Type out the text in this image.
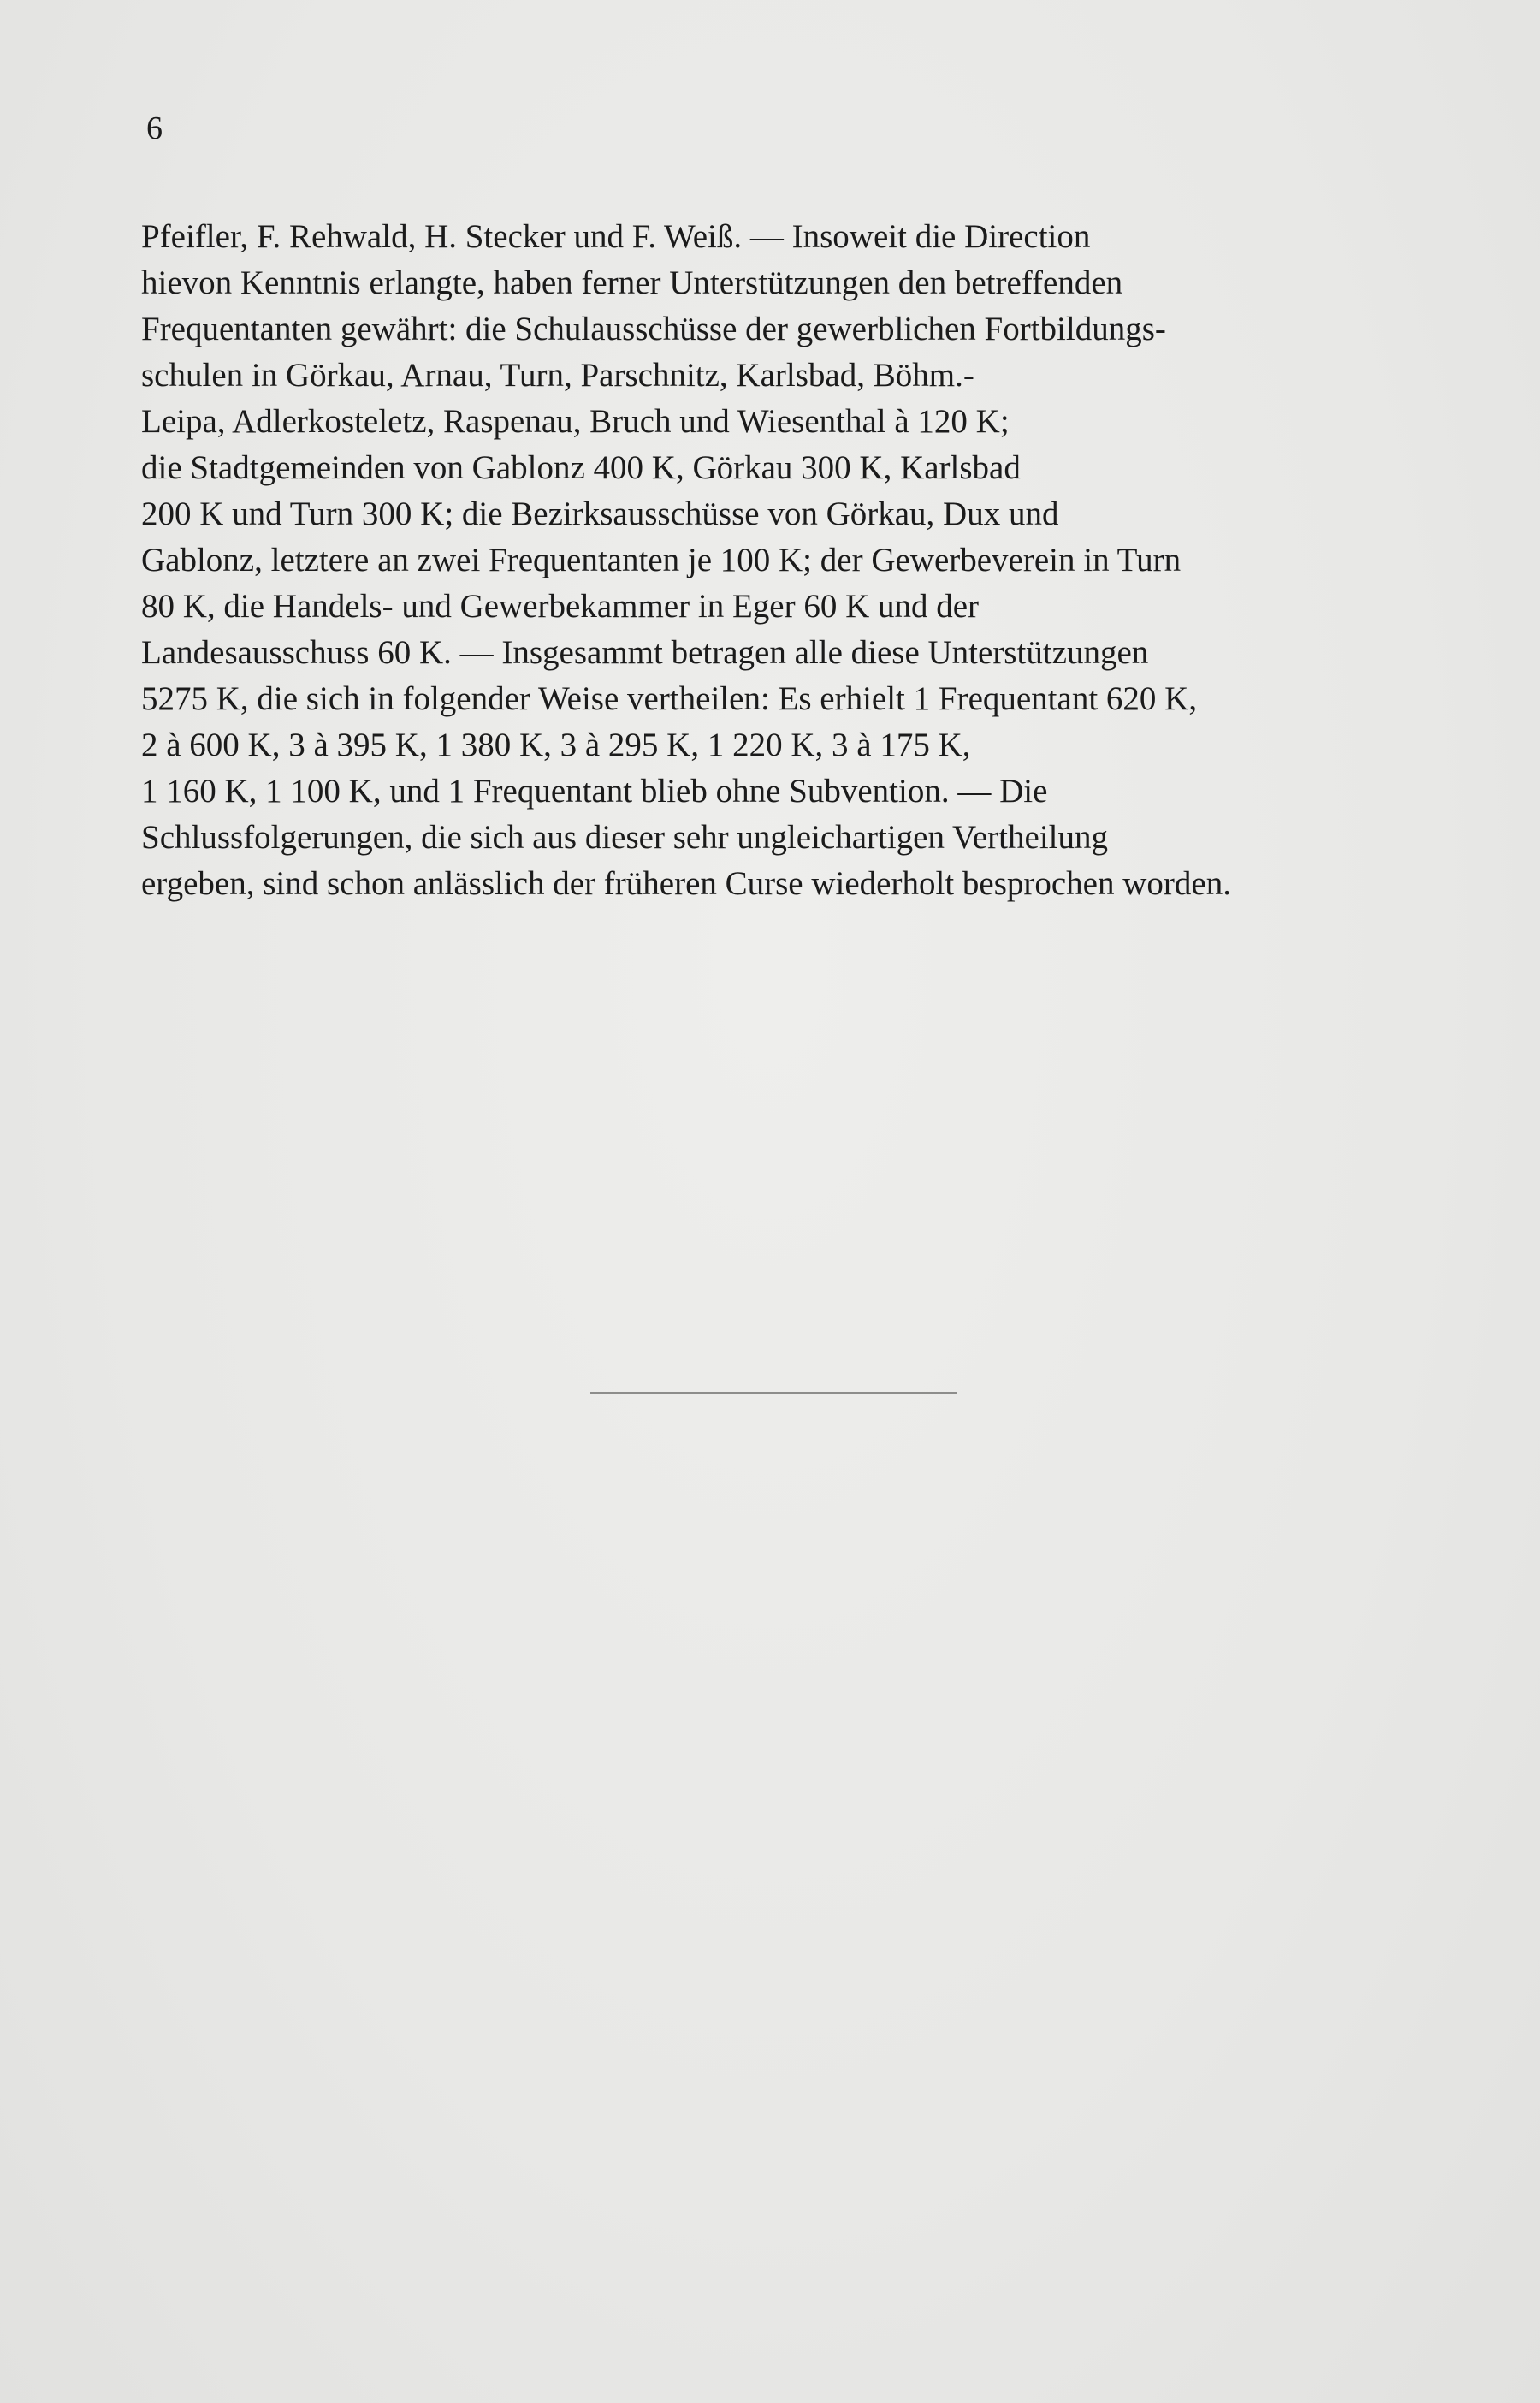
6
Pfeifler, F. Rehwald, H. Stecker und F. Weiß. — Insoweit die Direction
hievon Kenntnis erlangte, haben ferner Unterstützungen den betreffenden
Frequentanten gewährt: die Schulausschüsse der gewerblichen Fortbildungs-
schulen in Görkau, Arnau, Turn, Parschnitz, Karlsbad, Böhm.-
Leipa, Adlerkosteletz, Raspenau, Bruch und Wiesenthal à 120 K;
die Stadtgemeinden von Gablonz 400 K, Görkau 300 K, Karlsbad
200 K und Turn 300 K; die Bezirksausschüsse von Görkau, Dux und
Gablonz, letztere an zwei Frequentanten je 100 K; der Gewerbeverein in Turn
80 K, die Handels- und Gewerbekammer in Eger 60 K und der
Landesausschuss 60 K. — Insgesammt betragen alle diese Unterstützungen
5275 K, die sich in folgender Weise vertheilen: Es erhielt 1 Frequentant 620 K,
2 à 600 K, 3 à 395 K, 1 380 K, 3 à 295 K, 1 220 K, 3 à 175 K,
1 160 K, 1 100 K, und 1 Frequentant blieb ohne Subvention. — Die
Schlussfolgerungen, die sich aus dieser sehr ungleichartigen Vertheilung
ergeben, sind schon anlässlich der früheren Curse wiederholt besprochen worden.
